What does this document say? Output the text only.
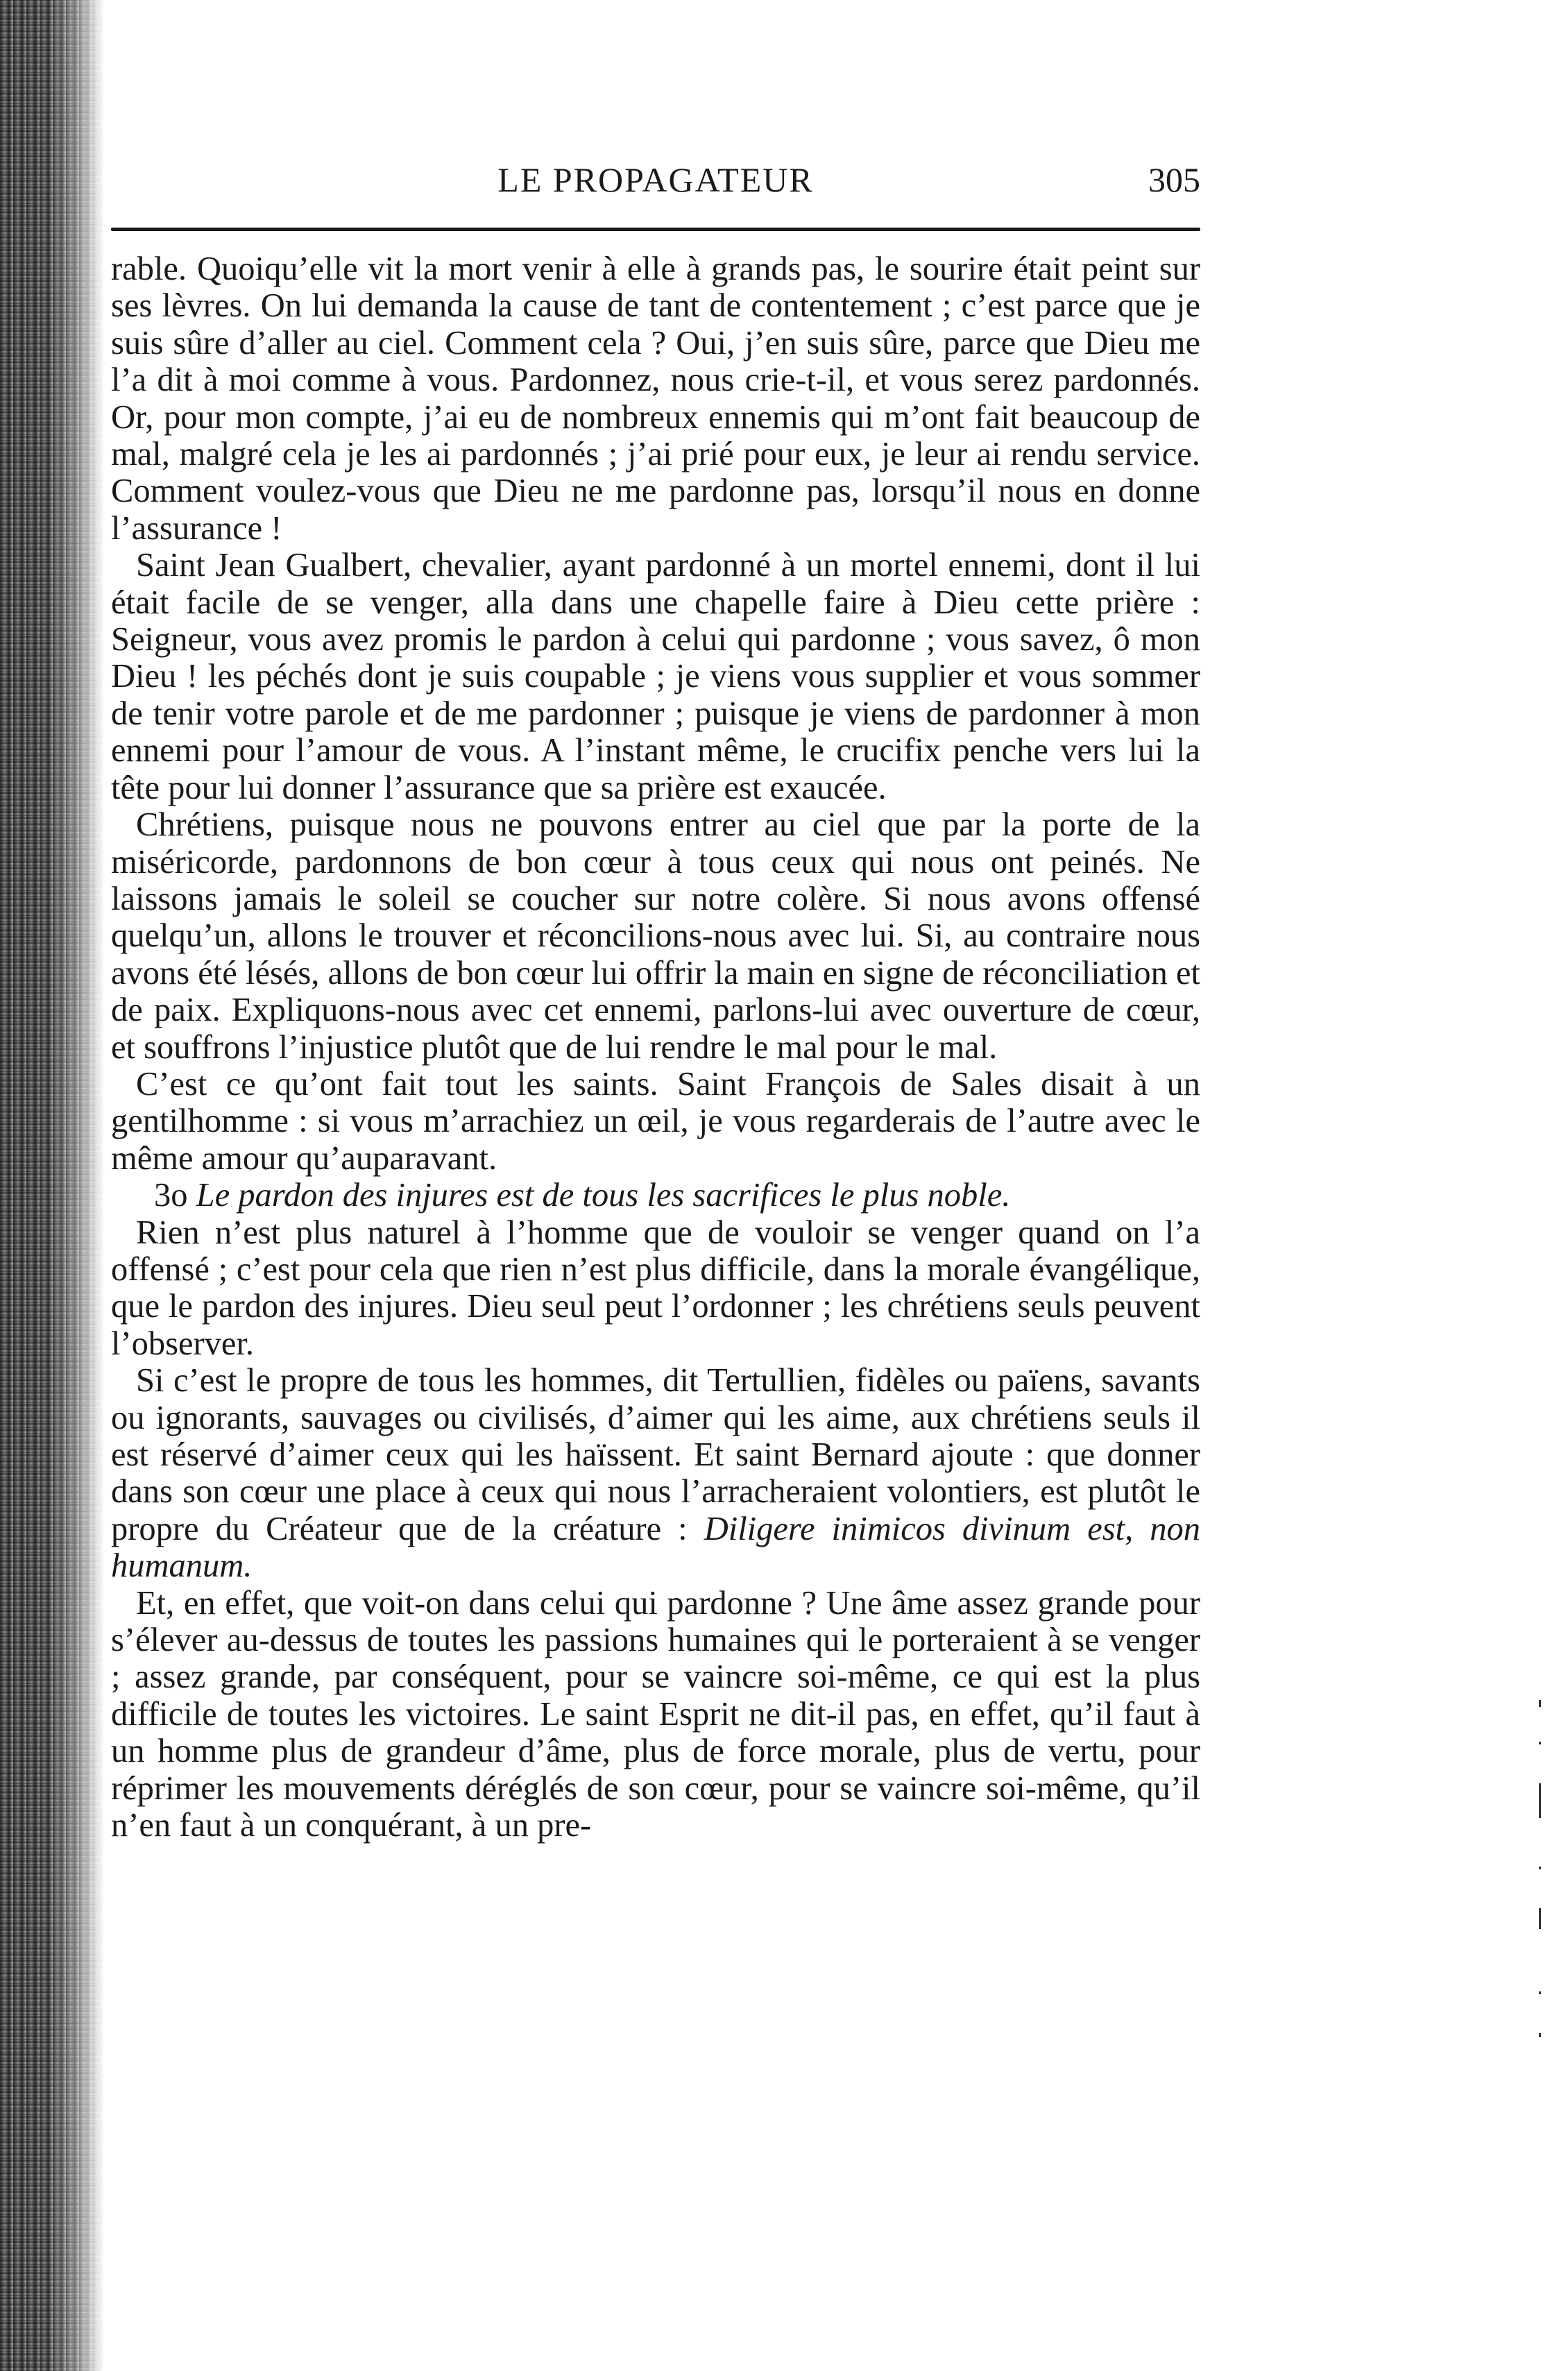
LE PROPAGATEUR	305

rable. Quoiqu’elle vit la mort venir à elle à grands pas, le sourire était peint sur ses lèvres. On lui demanda la cause de tant de contentement ; c’est parce que je suis sûre d’aller au ciel. Comment cela ? Oui, j’en suis sûre, parce que Dieu me l’a dit à moi comme à vous. Pardonnez, nous crie-t-il, et vous serez pardonnés. Or, pour mon compte, j’ai eu de nombreux ennemis qui m’ont fait beaucoup de mal, malgré cela je les ai pardonnés ; j’ai prié pour eux, je leur ai rendu service. Comment voulez-vous que Dieu ne me pardonne pas, lorsqu’il nous en donne l’assurance !

Saint Jean Gualbert, chevalier, ayant pardonné à un mortel ennemi, dont il lui était facile de se venger, alla dans une chapelle faire à Dieu cette prière : Seigneur, vous avez promis le pardon à celui qui pardonne ; vous savez, ô mon Dieu ! les péchés dont je suis coupable ; je viens vous supplier et vous sommer de tenir votre parole et de me pardonner ; puisque je viens de pardonner à mon ennemi pour l’amour de vous. A l’instant même, le crucifix penche vers lui la tête pour lui donner l’assurance que sa prière est exaucée.

Chrétiens, puisque nous ne pouvons entrer au ciel que par la porte de la miséricorde, pardonnons de bon cœur à tous ceux qui nous ont peinés. Ne laissons jamais le soleil se coucher sur notre colère. Si nous avons offensé quelqu’un, allons le trouver et réconcilions-nous avec lui. Si, au contraire nous avons été lésés, allons de bon cœur lui offrir la main en signe de réconciliation et de paix. Expliquons-nous avec cet ennemi, parlons-lui avec ouverture de cœur, et souffrons l’injustice plutôt que de lui rendre le mal pour le mal.

C’est ce qu’ont fait tout les saints. Saint François de Sales disait à un gentilhomme : si vous m’arrachiez un œil, je vous regarderais de l’autre avec le même amour qu’auparavant.

3o Le pardon des injures est de tous les sacrifices le plus noble.

Rien n’est plus naturel à l’homme que de vouloir se venger quand on l’a offensé ; c’est pour cela que rien n’est plus difficile, dans la morale évangélique, que le pardon des injures. Dieu seul peut l’ordonner ; les chrétiens seuls peuvent l’observer.

Si c’est le propre de tous les hommes, dit Tertullien, fidèles ou païens, savants ou ignorants, sauvages ou civilisés, d’aimer qui les aime, aux chrétiens seuls il est réservé d’aimer ceux qui les haïssent. Et saint Bernard ajoute : que donner dans son cœur une place à ceux qui nous l’arracheraient volontiers, est plutôt le propre du Créateur que de la créature : Diligere inimicos divinum est, non humanum.

Et, en effet, que voit-on dans celui qui pardonne ? Une âme assez grande pour s’élever au-dessus de toutes les passions humaines qui le porteraient à se venger ; assez grande, par conséquent, pour se vaincre soi-même, ce qui est la plus difficile de toutes les victoires. Le saint Esprit ne dit-il pas, en effet, qu’il faut à un homme plus de grandeur d’âme, plus de force morale, plus de vertu, pour réprimer les mouvements déréglés de son cœur, pour se vaincre soi-même, qu’il n’en faut à un conquérant, à un pre-
